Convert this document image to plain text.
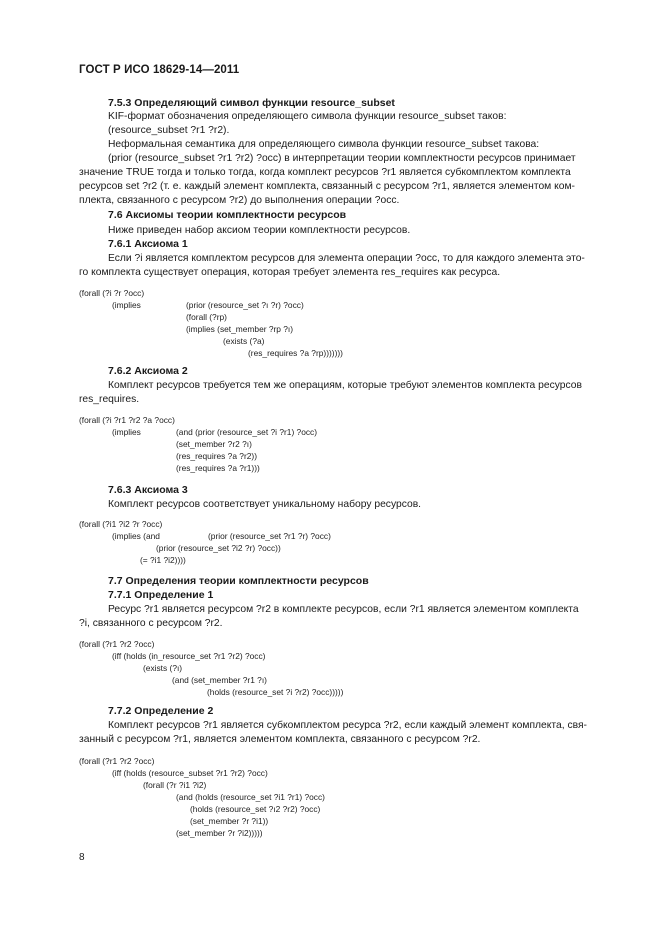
ГОСТ Р ИСО 18629-14—2011
7.5.3 Определяющий символ функции resource_subset
KIF-формат обозначения определяющего символа функции resource_subset таков:
(resource_subset ?r1 ?r2).
Неформальная семантика для определяющего символа функции resource_subset такова:
(prior (resource_subset ?r1 ?r2) ?occ) в интерпретации теории комплектности ресурсов принимает
значение TRUE тогда и только тогда, когда комплект ресурсов ?r1 является субкомплектом комплекта
ресурсов set ?r2 (т. е. каждый элемент комплекта, связанный с ресурсом ?r1, является элементом ком-
плекта, связанного с ресурсом ?r2) до выполнения операции ?occ.
7.6 Аксиомы теории комплектности ресурсов
Ниже приведен набор аксиом теории комплектности ресурсов.
7.6.1 Аксиома 1
Если ?i является комплектом ресурсов для элемента операции ?occ, то для каждого элемента это-
го комплекта существует операция, которая требует элемента res_requires как ресурса.
(forall (?i ?r ?occ)
(implies	(prior (resource_set ?ı ?r) ?occ)
(forall (?rp)
(implies (set_member ?rp ?ı)
(exists (?a)
(res_requires ?a ?rp)))))))
7.6.2 Аксиома 2
Комплект ресурсов требуется тем же операциям, которые требуют элементов комплекта ресурсов
res_requires.
(forall (?i ?r1 ?r2 ?a ?occ)
(implies	(and (prior (resource_set ?i ?r1) ?occ)
(set_member ?r2 ?ı)
(res_requires ?a ?r2))
(res_requires ?a ?r1)))
7.6.3 Аксиома 3
Комплект ресурсов соответствует уникальному набору ресурсов.
(forall (?i1 ?i2 ?r ?occ)
(implies (and	(prior (resource_set ?r1 ?r) ?occ)
(prior (resource_set ?i2 ?r) ?occ))
(= ?i1 ?i2))))
7.7 Определения теории комплектности ресурсов
7.7.1 Определение 1
Ресурс ?r1 является ресурсом ?r2 в комплекте ресурсов, если ?r1 является элементом комплекта
?i, связанного с ресурсом ?r2.
(forall (?r1 ?r2 ?occ)
(iff (holds (in_resource_set ?r1 ?r2) ?occ)
(exists (?ı)
(and (set_member ?r1 ?ı)
(holds (resource_set ?i ?r2) ?occ)))))
7.7.2 Определение 2
Комплект ресурсов ?r1 является субкомплектом ресурса ?r2, если каждый элемент комплекта, свя-
занный с ресурсом ?r1, является элементом комплекта, связанного с ресурсом ?r2.
(forall (?r1 ?r2 ?occ)
(iff (holds (resource_subset ?r1 ?r2) ?occ)
(forall (?r ?i1 ?i2)
(and (holds (resource_set ?i1 ?r1) ?occ)
(holds (resource_set ?ı2 ?r2) ?occ)
(set_member ?r ?i1))
(set_member ?r ?i2)))))
8
